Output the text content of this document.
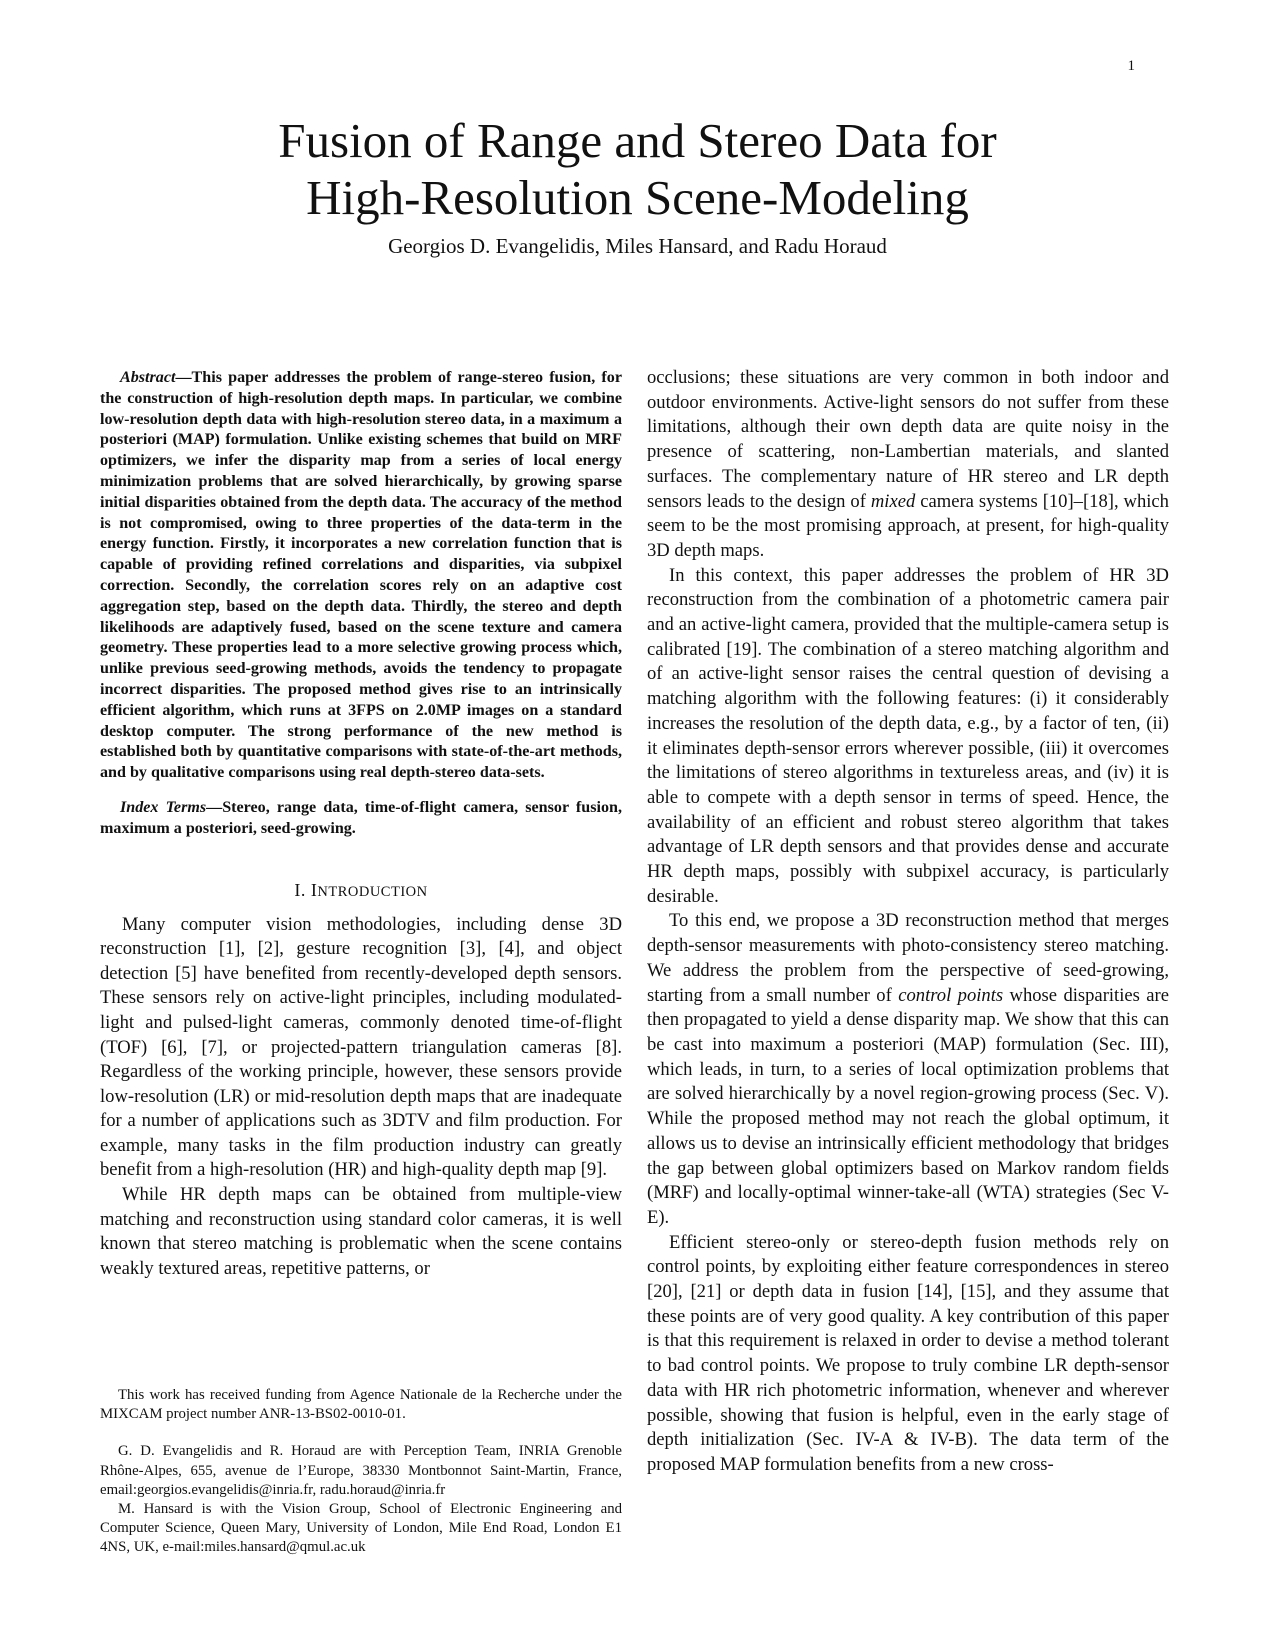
1
Fusion of Range and Stereo Data for
High-Resolution Scene-Modeling
Georgios D. Evangelidis, Miles Hansard, and Radu Horaud

Abstract—This paper addresses the problem of range-stereo fusion, for the construction of high-resolution depth maps. In particular, we combine low-resolution depth data with high-resolution stereo data, in a maximum a posteriori (MAP) formulation. Unlike existing schemes that build on MRF optimizers, we infer the disparity map from a series of local energy minimization problems that are solved hierarchically, by growing sparse initial disparities obtained from the depth data. The accuracy of the method is not compromised, owing to three properties of the data-term in the energy function. Firstly, it incorporates a new correlation function that is capable of providing refined correlations and disparities, via subpixel correction. Secondly, the correlation scores rely on an adaptive cost aggregation step, based on the depth data. Thirdly, the stereo and depth likelihoods are adaptively fused, based on the scene texture and camera geometry. These properties lead to a more selective growing process which, unlike previous seed-growing methods, avoids the tendency to propagate incorrect disparities. The proposed method gives rise to an intrinsically efficient algorithm, which runs at 3FPS on 2.0MP images on a standard desktop computer. The strong performance of the new method is established both by quantitative comparisons with state-of-the-art methods, and by qualitative comparisons using real depth-stereo data-sets.

Index Terms—Stereo, range data, time-of-flight camera, sensor fusion, maximum a posteriori, seed-growing.

I. INTRODUCTION

Many computer vision methodologies, including dense 3D reconstruction [1], [2], gesture recognition [3], [4], and object detection [5] have benefited from recently-developed depth sensors. These sensors rely on active-light principles, including modulated-light and pulsed-light cameras, commonly denoted time-of-flight (TOF) [6], [7], or projected-pattern triangulation cameras [8]. Regardless of the working principle, however, these sensors provide low-resolution (LR) or mid-resolution depth maps that are inadequate for a number of applications such as 3DTV and film production. For example, many tasks in the film production industry can greatly benefit from a high-resolution (HR) and high-quality depth map [9].

While HR depth maps can be obtained from multiple-view matching and reconstruction using standard color cameras, it is well known that stereo matching is problematic when the scene contains weakly textured areas, repetitive patterns, or

This work has received funding from Agence Nationale de la Recherche under the MIXCAM project number ANR-13-BS02-0010-01.

G. D. Evangelidis and R. Horaud are with Perception Team, INRIA Grenoble Rhône-Alpes, 655, avenue de l’Europe, 38330 Montbonnot Saint-Martin, France, email:georgios.evangelidis@inria.fr, radu.horaud@inria.fr

M. Hansard is with the Vision Group, School of Electronic Engineering and Computer Science, Queen Mary, University of London, Mile End Road, London E1 4NS, UK, e-mail:miles.hansard@qmul.ac.uk

occlusions; these situations are very common in both indoor and outdoor environments. Active-light sensors do not suffer from these limitations, although their own depth data are quite noisy in the presence of scattering, non-Lambertian materials, and slanted surfaces. The complementary nature of HR stereo and LR depth sensors leads to the design of mixed camera systems [10]–[18], which seem to be the most promising approach, at present, for high-quality 3D depth maps.

In this context, this paper addresses the problem of HR 3D reconstruction from the combination of a photometric camera pair and an active-light camera, provided that the multiple-camera setup is calibrated [19]. The combination of a stereo matching algorithm and of an active-light sensor raises the central question of devising a matching algorithm with the following features: (i) it considerably increases the resolution of the depth data, e.g., by a factor of ten, (ii) it eliminates depth-sensor errors wherever possible, (iii) it overcomes the limitations of stereo algorithms in textureless areas, and (iv) it is able to compete with a depth sensor in terms of speed. Hence, the availability of an efficient and robust stereo algorithm that takes advantage of LR depth sensors and that provides dense and accurate HR depth maps, possibly with subpixel accuracy, is particularly desirable.

To this end, we propose a 3D reconstruction method that merges depth-sensor measurements with photo-consistency stereo matching. We address the problem from the perspective of seed-growing, starting from a small number of control points whose disparities are then propagated to yield a dense disparity map. We show that this can be cast into maximum a posteriori (MAP) formulation (Sec. III), which leads, in turn, to a series of local optimization problems that are solved hierarchically by a novel region-growing process (Sec. V). While the proposed method may not reach the global optimum, it allows us to devise an intrinsically efficient methodology that bridges the gap between global optimizers based on Markov random fields (MRF) and locally-optimal winner-take-all (WTA) strategies (Sec V-E).

Efficient stereo-only or stereo-depth fusion methods rely on control points, by exploiting either feature correspondences in stereo [20], [21] or depth data in fusion [14], [15], and they assume that these points are of very good quality. A key contribution of this paper is that this requirement is relaxed in order to devise a method tolerant to bad control points. We propose to truly combine LR depth-sensor data with HR rich photometric information, whenever and wherever possible, showing that fusion is helpful, even in the early stage of depth initialization (Sec. IV-A & IV-B). The data term of the proposed MAP formulation benefits from a new cross-
